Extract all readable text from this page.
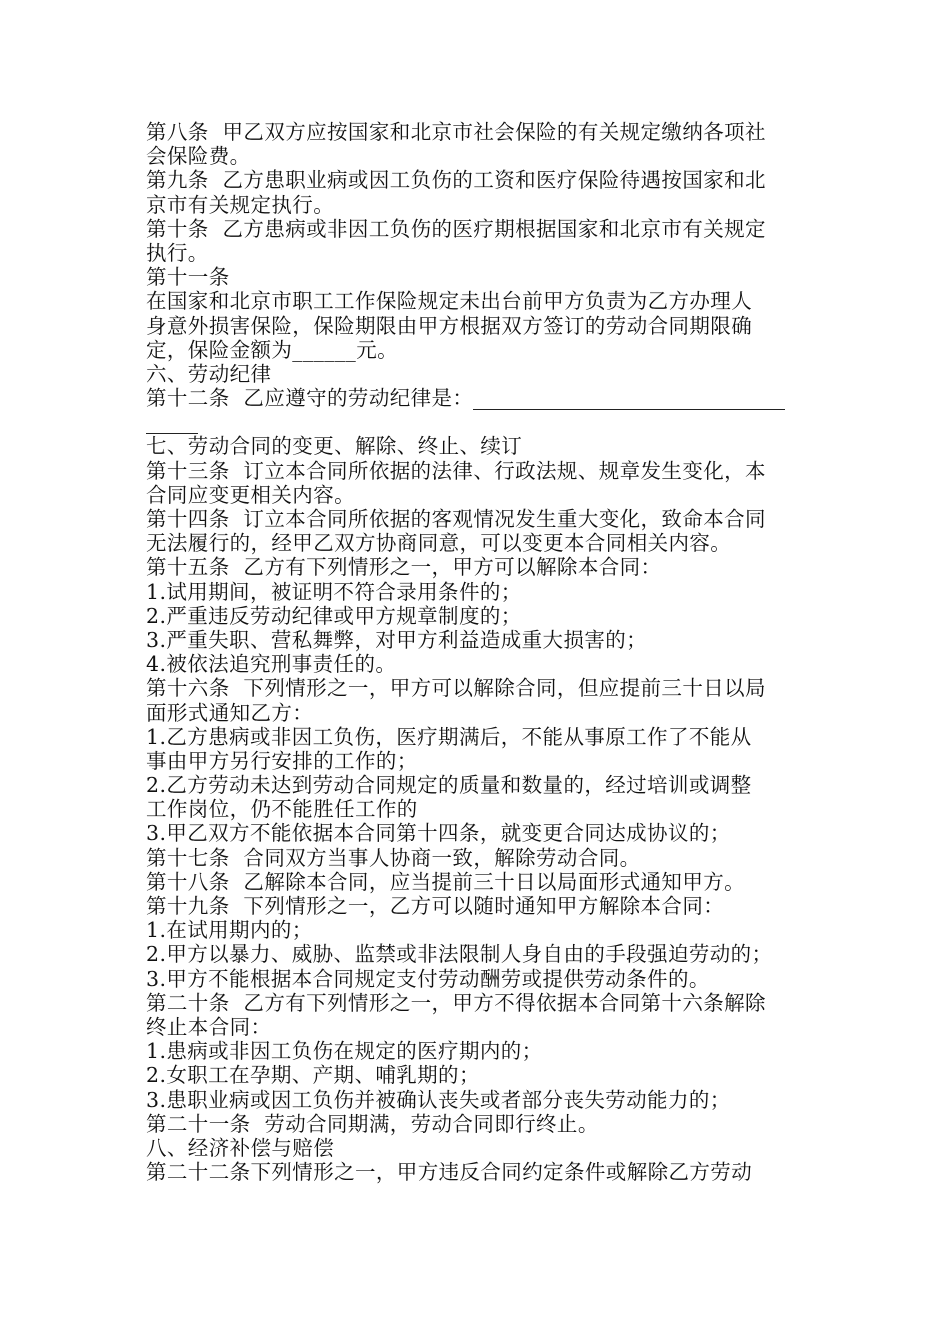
第八条  甲乙双方应按国家和北京市社会保险的有关规定缴纳各项社
会保险费。
第九条  乙方患职业病或因工负伤的工资和医疗保险待遇按国家和北
京市有关规定执行。
第十条  乙方患病或非因工负伤的医疗期根据国家和北京市有关规定
执行。
第十一条
在国家和北京市职工工作保险规定未出台前甲方负责为乙方办理人
身意外损害保险，保险期限由甲方根据双方签订的劳动合同期限确
定，保险金额为______元。
六、劳动纪律
第十二条  乙应遵守的劳动纪律是：
七、劳动合同的变更、解除、终止、续订
第十三条  订立本合同所依据的法律、行政法规、规章发生变化，本
合同应变更相关内容。
第十四条  订立本合同所依据的客观情况发生重大变化，致命本合同
无法履行的，经甲乙双方协商同意，可以变更本合同相关内容。
第十五条  乙方有下列情形之一，甲方可以解除本合同：
1.试用期间，被证明不符合录用条件的；
2.严重违反劳动纪律或甲方规章制度的；
3.严重失职、营私舞弊，对甲方利益造成重大损害的；
4.被依法追究刑事责任的。
第十六条  下列情形之一，甲方可以解除合同，但应提前三十日以局
面形式通知乙方：
1.乙方患病或非因工负伤，医疗期满后，不能从事原工作了不能从
事由甲方另行安排的工作的；
2.乙方劳动未达到劳动合同规定的质量和数量的，经过培训或调整
工作岗位，仍不能胜任工作的
3.甲乙双方不能依据本合同第十四条，就变更合同达成协议的；
第十七条  合同双方当事人协商一致，解除劳动合同。
第十八条  乙解除本合同，应当提前三十日以局面形式通知甲方。
第十九条  下列情形之一，乙方可以随时通知甲方解除本合同：
1.在试用期内的；
2.甲方以暴力、威胁、监禁或非法限制人身自由的手段强迫劳动的；
3.甲方不能根据本合同规定支付劳动酬劳或提供劳动条件的。
第二十条  乙方有下列情形之一，甲方不得依据本合同第十六条解除
终止本合同：
1.患病或非因工负伤在规定的医疗期内的；
2.女职工在孕期、产期、哺乳期的；
3.患职业病或因工负伤并被确认丧失或者部分丧失劳动能力的；
第二十一条  劳动合同期满，劳动合同即行终止。
八、经济补偿与赔偿
第二十二条下列情形之一，甲方违反合同约定条件或解除乙方劳动
